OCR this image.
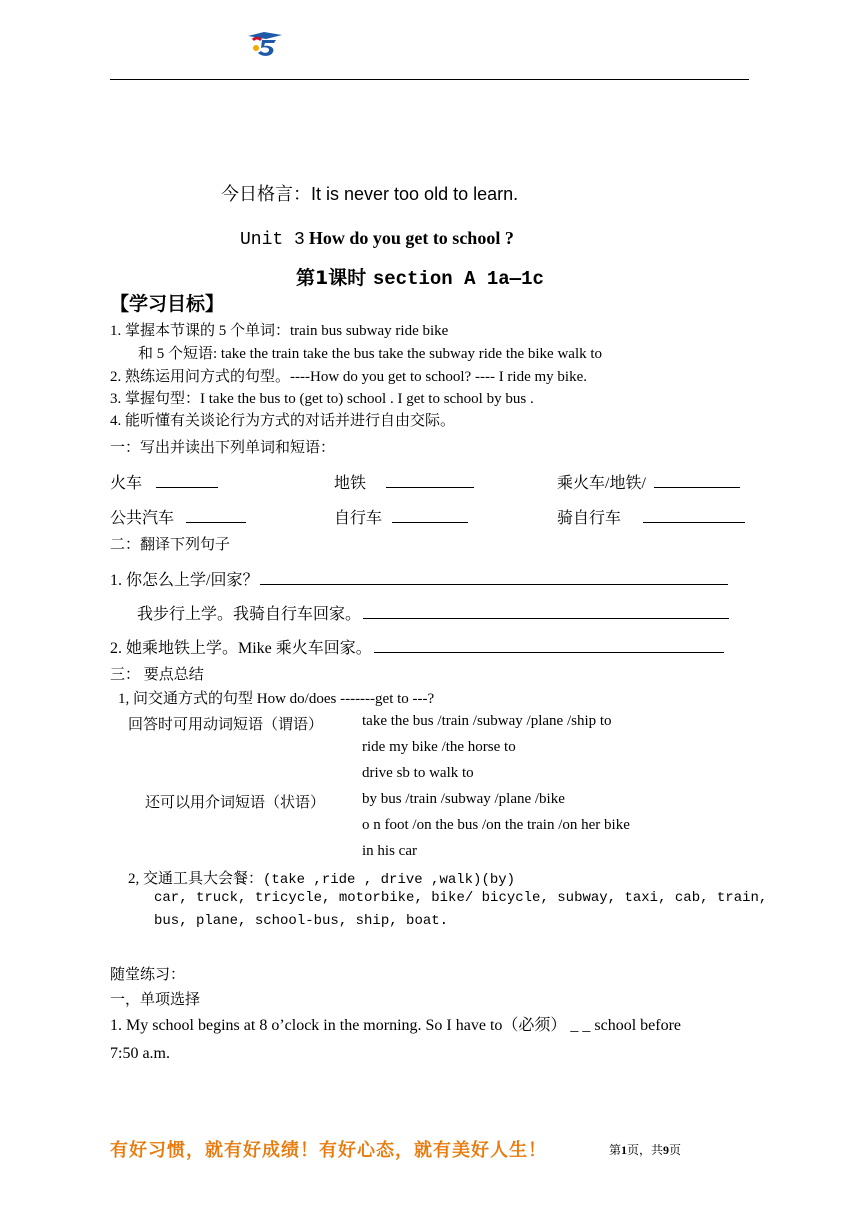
今日格言：It is never too old to learn.
Unit 3 How do you get to school ?
第1课时 section A 1a—1c
【学习目标】
1. 掌握本节课的 5 个单词：train bus subway ride bike
和 5 个短语: take the train take the bus take the subway ride the bike walk to
2. 熟练运用问方式的句型。----How do you get to school? ---- I ride my bike.
3. 掌握句型：I take the bus to (get to) school . I get to school by bus .
4. 能听懂有关谈论行为方式的对话并进行自由交际。
一：写出并读出下列单词和短语：
火车	地铁	乘火车/地铁/
公共汽车	自行车	骑自行车
二：翻译下列句子
1. 你怎么上学/回家？
我步行上学。我骑自行车回家。
2. 她乘地铁上学。Mike 乘火车回家。
三： 要点总结
1, 问交通方式的句型 How do/does -------get to ---?
回答时可用动词短语（谓语）	take the bus /train /subway /plane /ship to
ride my bike /the horse to
drive sb to walk to
还可以用介词短语（状语） by bus /train /subway /plane /bike
o n foot /on the bus /on the train /on her bike
in his car
2, 交通工具大会餐：(take ,ride , drive ,walk)(by)
car, truck, tricycle, motorbike, bike/ bicycle, subway, taxi, cab, train,
bus, plane, school-bus, ship, boat.
随堂练习：
一，单项选择
1. My school begins at 8 o’clock in the morning. So I have to（必须） _ _ school before
7:50 a.m.
有好习惯，就有好成绩！有好心态，就有美好人生！	第1页，共9页
